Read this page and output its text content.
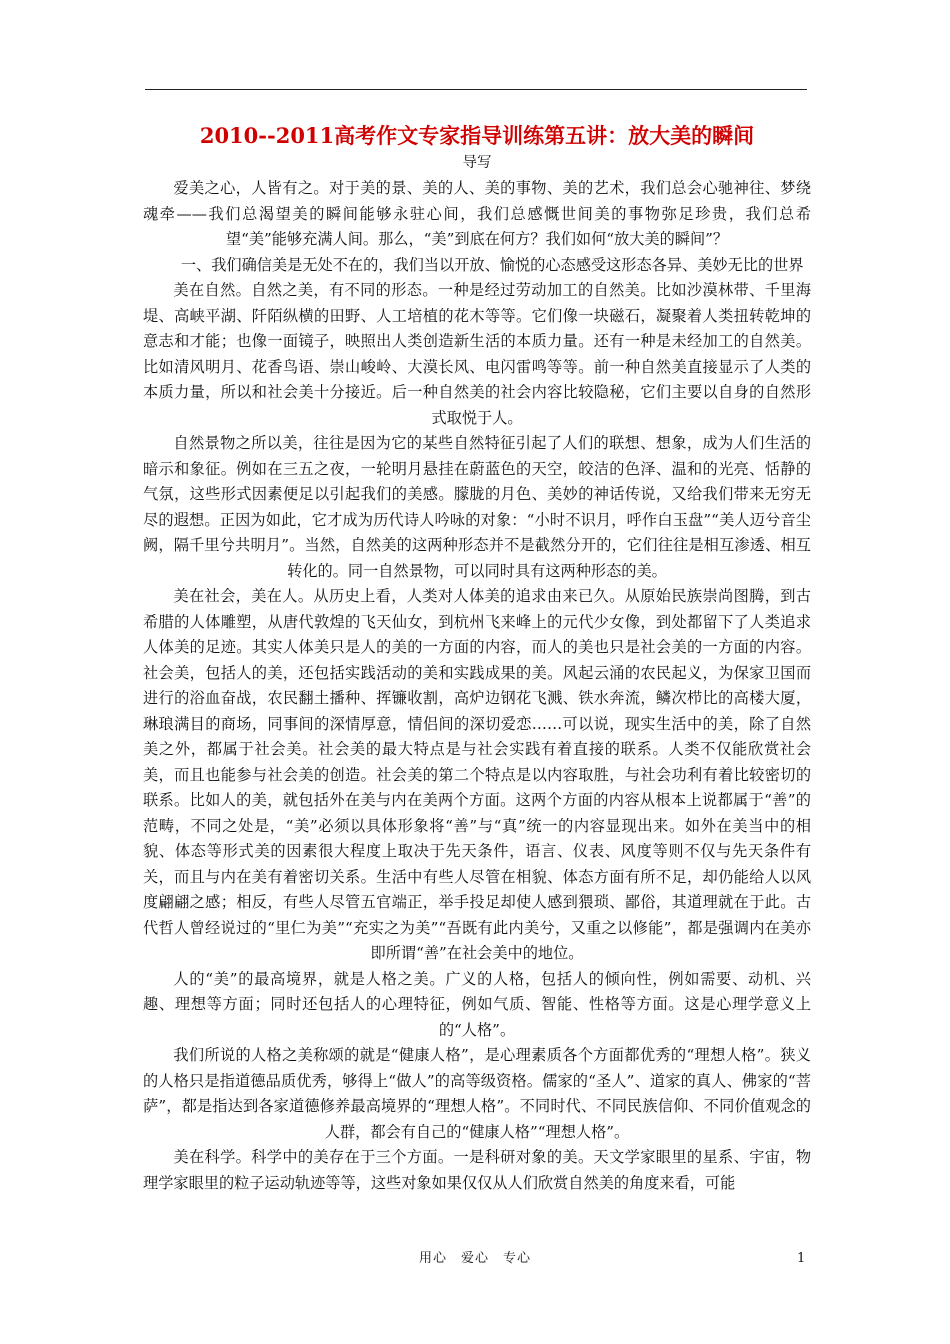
2010--2011高考作文专家指导训练第五讲：放大美的瞬间

导写

爱美之心，人皆有之。对于美的景、美的人、美的事物、美的艺术，我们总会心驰神往、梦绕魂牵——我们总渴望美的瞬间能够永驻心间，我们总感慨世间美的事物弥足珍贵，我们总希望“美”能够充满人间。那么，“美”到底在何方？我们如何“放大美的瞬间”？

一、我们确信美是无处不在的，我们当以开放、愉悦的心态感受这形态各异、美妙无比的世界

美在自然。自然之美，有不同的形态。一种是经过劳动加工的自然美。比如沙漠林带、千里海堤、高峡平湖、阡陌纵横的田野、人工培植的花木等等。它们像一块磁石，凝聚着人类扭转乾坤的意志和才能；也像一面镜子，映照出人类创造新生活的本质力量。还有一种是未经加工的自然美。比如清风明月、花香鸟语、崇山峻岭、大漠长风、电闪雷鸣等等。前一种自然美直接显示了人类的本质力量，所以和社会美十分接近。后一种自然美的社会内容比较隐秘，它们主要以自身的自然形式取悦于人。

自然景物之所以美，往往是因为它的某些自然特征引起了人们的联想、想象，成为人们生活的暗示和象征。例如在三五之夜，一轮明月悬挂在蔚蓝色的天空，皎洁的色泽、温和的光亮、恬静的气氛，这些形式因素便足以引起我们的美感。朦胧的月色、美妙的神话传说，又给我们带来无穷无尽的遐想。正因为如此，它才成为历代诗人吟咏的对象：“小时不识月，呼作白玉盘”“美人迈兮音尘阙，隔千里兮共明月”。当然，自然美的这两种形态并不是截然分开的，它们往往是相互渗透、相互转化的。同一自然景物，可以同时具有这两种形态的美。

美在社会，美在人。从历史上看，人类对人体美的追求由来已久。从原始民族崇尚图腾，到古希腊的人体雕塑，从唐代敦煌的飞天仙女，到杭州飞来峰上的元代少女像，到处都留下了人类追求人体美的足迹。其实人体美只是人的美的一方面的内容，而人的美也只是社会美的一方面的内容。社会美，包括人的美，还包括实践活动的美和实践成果的美。风起云涌的农民起义，为保家卫国而进行的浴血奋战，农民翻土播种、挥镰收割，高炉边钢花飞溅、铁水奔流，鳞次栉比的高楼大厦，琳琅满目的商场，同事间的深情厚意，情侣间的深切爱恋……可以说，现实生活中的美，除了自然美之外，都属于社会美。社会美的最大特点是与社会实践有着直接的联系。人类不仅能欣赏社会美，而且也能参与社会美的创造。社会美的第二个特点是以内容取胜，与社会功利有着比较密切的联系。比如人的美，就包括外在美与内在美两个方面。这两个方面的内容从根本上说都属于“善”的范畴，不同之处是，“美”必须以具体形象将“善”与“真”统一的内容显现出来。如外在美当中的相貌、体态等形式美的因素很大程度上取决于先天条件，语言、仪表、风度等则不仅与先天条件有关，而且与内在美有着密切关系。生活中有些人尽管在相貌、体态方面有所不足，却仍能给人以风度翩翩之感；相反，有些人尽管五官端正，举手投足却使人感到猥琐、鄙俗，其道理就在于此。古代哲人曾经说过的“里仁为美”“充实之为美”“吾既有此内美兮，又重之以修能”，都是强调内在美亦即所谓“善”在社会美中的地位。

人的“美”的最高境界，就是人格之美。广义的人格，包括人的倾向性，例如需要、动机、兴趣、理想等方面；同时还包括人的心理特征，例如气质、智能、性格等方面。这是心理学意义上的“人格”。

我们所说的人格之美称颂的就是“健康人格”，是心理素质各个方面都优秀的“理想人格”。狭义的人格只是指道德品质优秀，够得上“做人”的高等级资格。儒家的“圣人”、道家的真人、佛家的“菩萨”，都是指达到各家道德修养最高境界的“理想人格”。不同时代、不同民族信仰、不同价值观念的人群，都会有自己的“健康人格”“理想人格”。

美在科学。科学中的美存在于三个方面。一是科研对象的美。天文学家眼里的星系、宇宙，物理学家眼里的粒子运动轨迹等等，这些对象如果仅仅从人们欣赏自然美的角度来看，可能

用心　爱心　专心	1
